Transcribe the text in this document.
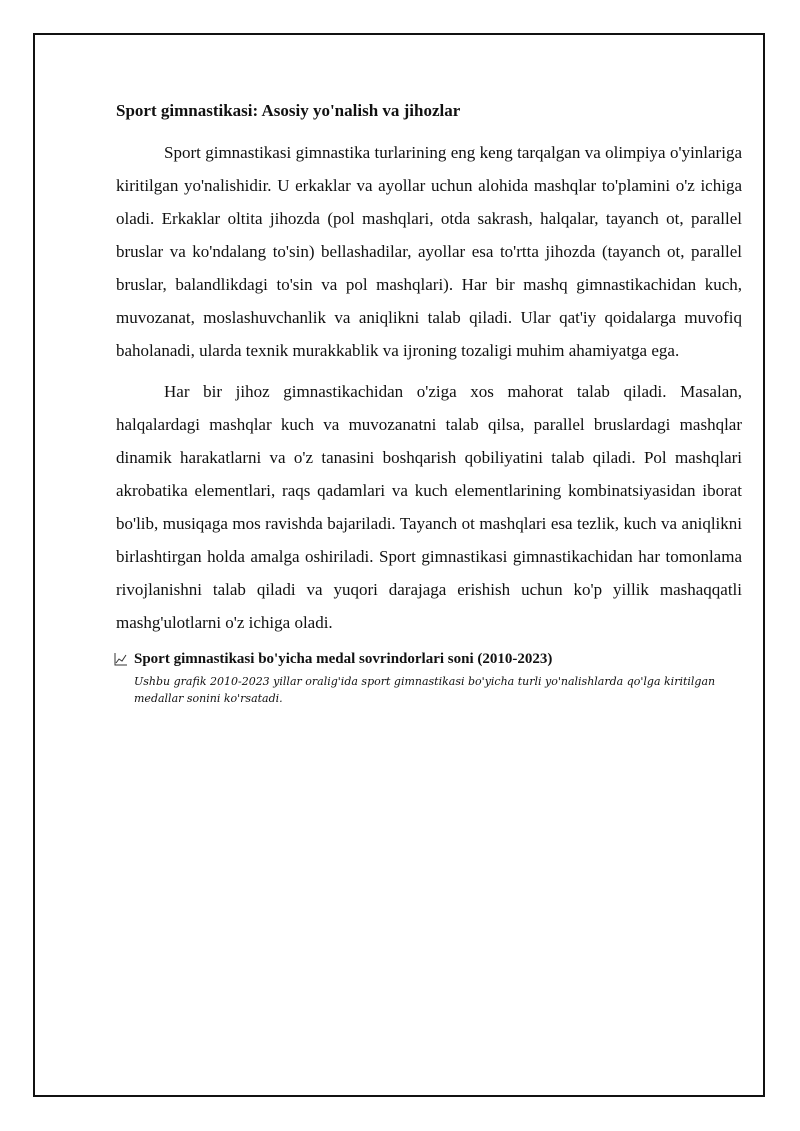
Sport gimnastikasi: Asosiy yo'nalish va jihozlar

Sport gimnastikasi gimnastika turlarining eng keng tarqalgan va olimpiya o'yinlariga kiritilgan yo'nalishidir. U erkaklar va ayollar uchun alohida mashqlar to'plamini o'z ichiga oladi. Erkaklar oltita jihozda (pol mashqlari, otda sakrash, halqalar, tayanch ot, parallel bruslar va ko'ndalang to'sin) bellashadilar, ayollar esa to'rtta jihozda (tayanch ot, parallel bruslar, balandlikdagi to'sin va pol mashqlari). Har bir mashq gimnastikachidan kuch, muvozanat, moslashuvchanlik va aniqlikni talab qiladi. Ular qat'iy qoidalarga muvofiq baholanadi, ularda texnik murakkablik va ijroning tozaligi muhim ahamiyatga ega.

Har bir jihoz gimnastikachidan o'ziga xos mahorat talab qiladi. Masalan, halqalardagi mashqlar kuch va muvozanatni talab qilsa, parallel bruslardagi mashqlar dinamik harakatlarni va o'z tanasini boshqarish qobiliyatini talab qiladi. Pol mashqlari akrobatika elementlari, raqs qadamlari va kuch elementlarining kombinatsiyasidan iborat bo'lib, musiqaga mos ravishda bajariladi. Tayanch ot mashqlari esa tezlik, kuch va aniqlikni birlashtirgan holda amalga oshiriladi. Sport gimnastikasi gimnastikachidan har tomonlama rivojlanishni talab qiladi va yuqori darajaga erishish uchun ko'p yillik mashaqqatli mashg'ulotlarni o'z ichiga oladi.

Sport gimnastikasi bo'yicha medal sovrindorlari soni (2010-2023)

Ushbu grafik 2010-2023 yillar oralig'ida sport gimnastikasi bo'yicha turli yo'nalishlarda qo'lga kiritilgan medallar sonini ko'rsatadi.
